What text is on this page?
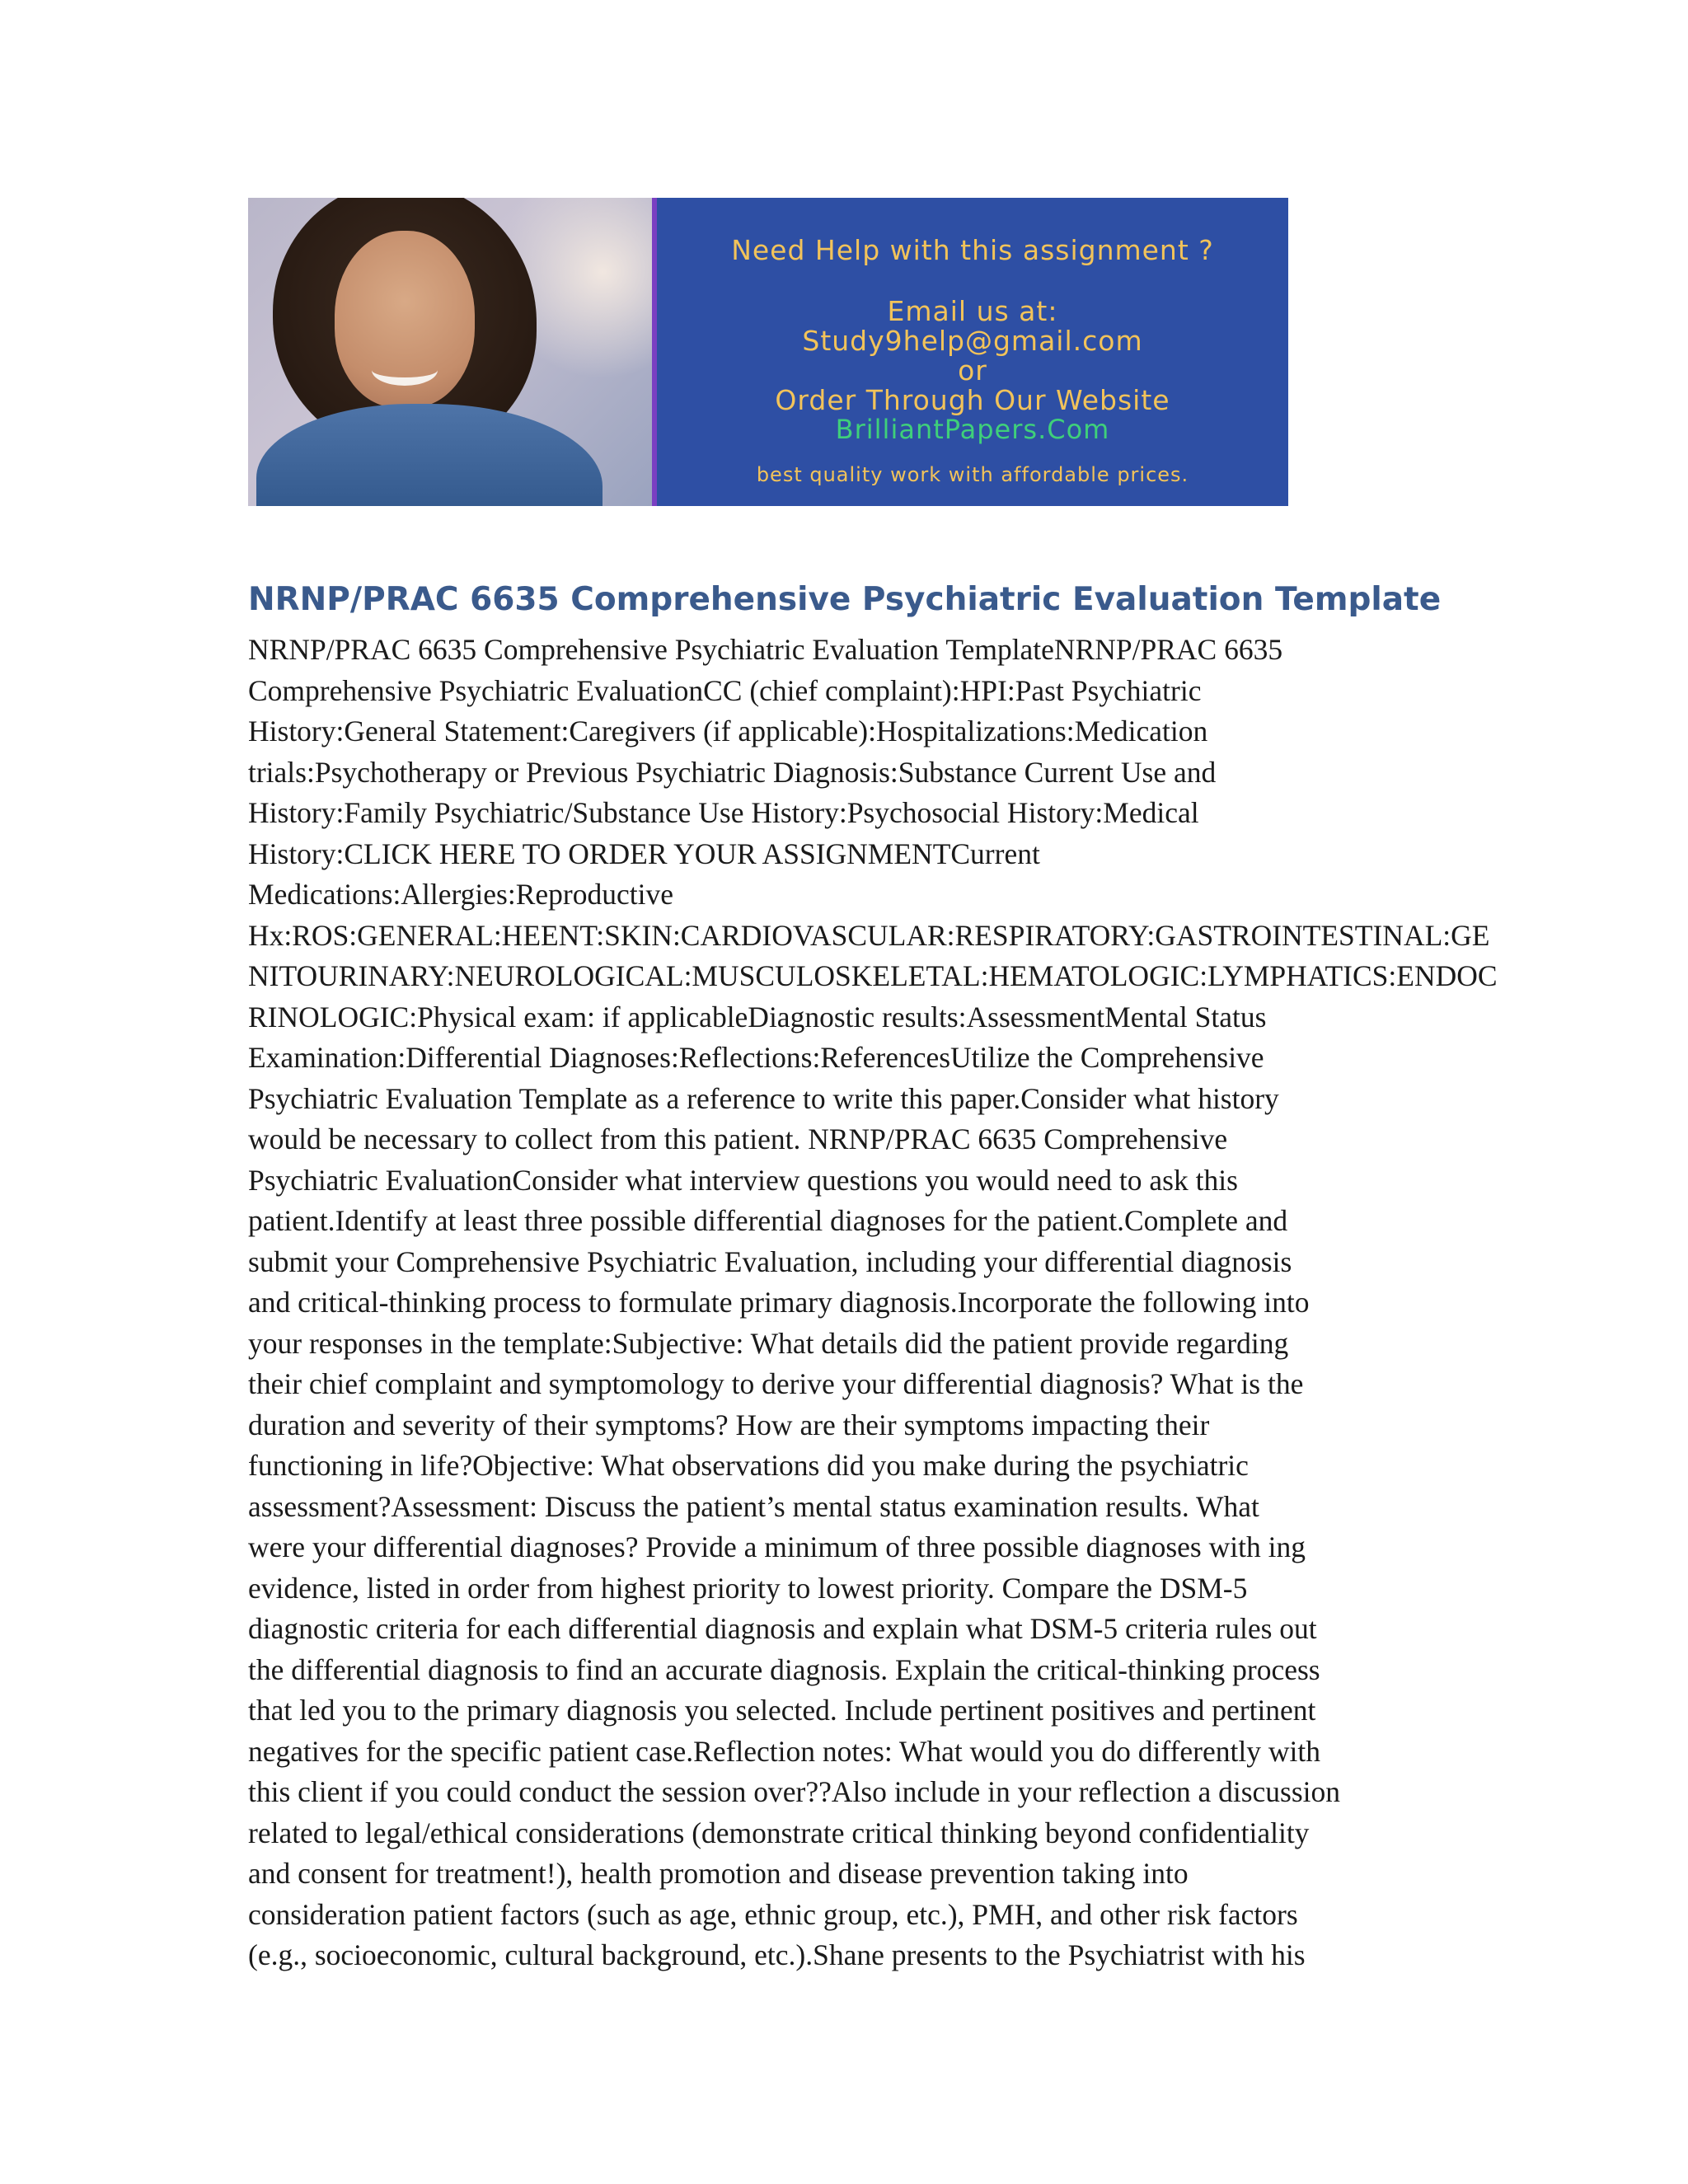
Need Help with this assignment ?
Email us at:
Study9help@gmail.com
or
Order Through Our Website
BrilliantPapers.Com
best quality work with affordable prices.
NRNP/PRAC 6635 Comprehensive Psychiatric Evaluation Template
NRNP/PRAC 6635 Comprehensive Psychiatric Evaluation TemplateNRNP/PRAC 6635
Comprehensive Psychiatric EvaluationCC (chief complaint):HPI:Past Psychiatric
History:General Statement:Caregivers (if applicable):Hospitalizations:Medication
trials:Psychotherapy or Previous Psychiatric Diagnosis:Substance Current Use and
History:Family Psychiatric/Substance Use History:Psychosocial History:Medical
History:CLICK HERE TO ORDER YOUR ASSIGNMENTCurrent
Medications:Allergies:Reproductive
Hx:ROS:GENERAL:HEENT:SKIN:CARDIOVASCULAR:RESPIRATORY:GASTROINTESTINAL:GE
NITOURINARY:NEUROLOGICAL:MUSCULOSKELETAL:HEMATOLOGIC:LYMPHATICS:ENDOC
RINOLOGIC:Physical exam: if applicableDiagnostic results:AssessmentMental Status
Examination:Differential Diagnoses:Reflections:ReferencesUtilize the Comprehensive
Psychiatric Evaluation Template as a reference to write this paper.Consider what history
would be necessary to collect from this patient. NRNP/PRAC 6635 Comprehensive
Psychiatric EvaluationConsider what interview questions you would need to ask this
patient.Identify at least three possible differential diagnoses for the patient.Complete and
submit your Comprehensive Psychiatric Evaluation, including your differential diagnosis
and critical-thinking process to formulate primary diagnosis.Incorporate the following into
your responses in the template:Subjective: What details did the patient provide regarding
their chief complaint and symptomology to derive your differential diagnosis? What is the
duration and severity of their symptoms? How are their symptoms impacting their
functioning in life?Objective: What observations did you make during the psychiatric
assessment?Assessment: Discuss the patient’s mental status examination results. What
were your differential diagnoses? Provide a minimum of three possible diagnoses with ing
evidence, listed in order from highest priority to lowest priority. Compare the DSM-5
diagnostic criteria for each differential diagnosis and explain what DSM-5 criteria rules out
the differential diagnosis to find an accurate diagnosis. Explain the critical-thinking process
that led you to the primary diagnosis you selected. Include pertinent positives and pertinent
negatives for the specific patient case.Reflection notes: What would you do differently with
this client if you could conduct the session over??Also include in your reflection a discussion
related to legal/ethical considerations (demonstrate critical thinking beyond confidentiality
and consent for treatment!), health promotion and disease prevention taking into
consideration patient factors (such as age, ethnic group, etc.), PMH, and other risk factors
(e.g., socioeconomic, cultural background, etc.).Shane presents to the Psychiatrist with his
